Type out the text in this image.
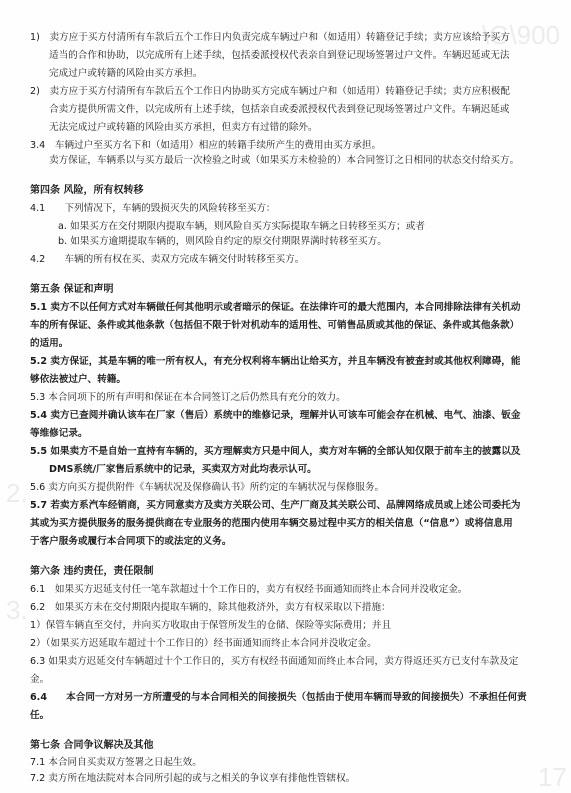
\G\900
2.
3.
17
1)　卖方应于买方付清所有车款后五个工作日内负责完成车辆过户和（如适用）转籍登记手续；卖方应该给予买方
适当的合作和协助，以完成所有上述手续，包括委派授权代表亲自到登记现场签署过户文件。车辆迟延或无法
完成过户或转籍的风险由买方承担。
2)　卖方应于买方付清所有车款后五个工作日内协助买方完成车辆过户和（如适用）转籍登记手续；卖方应积极配
合卖方提供所需文件，以完成所有上述手续，包括亲自或委派授权代表到登记现场签署过户文件。车辆迟延或
无法完成过户或转籍的风险由买方承担，但卖方有过错的除外。
3.4　车辆过户至买方名下和（如适用）相应的转籍手续所产生的费用由买方承担。
卖方保证，车辆系以与买方最后一次检验之时或（如果买方未检验的）本合同签订之日相同的状态交付给买方。
第四条 风险，所有权转移
4.1　　下列情况下，车辆的毁损灭失的风险转移至买方：
a. 如果买方在交付期限内提取车辆，则风险自买方实际提取车辆之日转移至买方；或者
b. 如果买方逾期提取车辆的，则风险自约定的原交付期限界满时转移至买方。
4.2　　车辆的所有权在买、卖双方完成车辆交付时转移至买方。
第五条 保证和声明
5.1 卖方不以任何方式对车辆做任何其他明示或者暗示的保证。在法律许可的最大范围内，本合同排除法律有关机动
车的所有保证、条件或其他条款（包括但不限于针对机动车的适用性、可销售品质或其他的保证、条件或其他条款）
的适用。
5.2 卖方保证，其是车辆的唯一所有权人，有充分权利将车辆出让给买方，并且车辆没有被查封或其他权利障碍，能
够依法被过户、转籍。
5.3 本合同项下的所有声明和保证在本合同签订之后仍然具有充分的效力。
5.4 卖方已查阅并确认该车在厂家（售后）系统中的维修记录，理解并认可该车可能会存在机械、电气、油漆、钣金
等维修记录。
5.5 如果卖方不是自始一直持有车辆的，买方理解卖方只是中间人，卖方对车辆的全部认知仅限于前车主的披露以及
DMS系统/厂家售后系统中的记录，买卖双方对此均表示认可。
5.6 卖方向买方提供附件《车辆状况及保修确认书》所约定的车辆状况与保修服务。
5.7 若卖方系汽车经销商，买方同意卖方及卖方关联公司、生产厂商及其关联公司、品牌网络成员或上述公司委托为
其或为买方提供服务的服务提供商在专业服务的范围内使用车辆交易过程中买方的相关信息（“信息”）或将信息用
于客户服务或履行本合同项下的或法定的义务。
第六条 违约责任，责任限制
6.1　如果买方迟延支付任一笔车款超过十个工作日的，卖方有权经书面通知而终止本合同并没收定金。
6.2　如果买方未在交付期限内提取车辆的，除其他救济外，卖方有权采取以下措施：
1）保管车辆直至交付，并向买方收取由于保管所发生的仓储、保险等实际费用；并且
2）（如果买方迟延取车超过十个工作日的）经书面通知而终止本合同并没收定金。
6.3 如果卖方迟延交付车辆超过十个工作日的，买方有权经书面通知而终止本合同，卖方得返还买方已支付车款及定
金。
6.4　　本合同一方对另一方所遭受的与本合同相关的间接损失（包括由于使用车辆而导致的间接损失）不承担任何责
任。
第七条 合同争议解决及其他
7.1 本合同自买卖双方签署之日起生效。
7.2 卖方所在地法院对本合同所引起的或与之相关的争议享有排他性管辖权。
